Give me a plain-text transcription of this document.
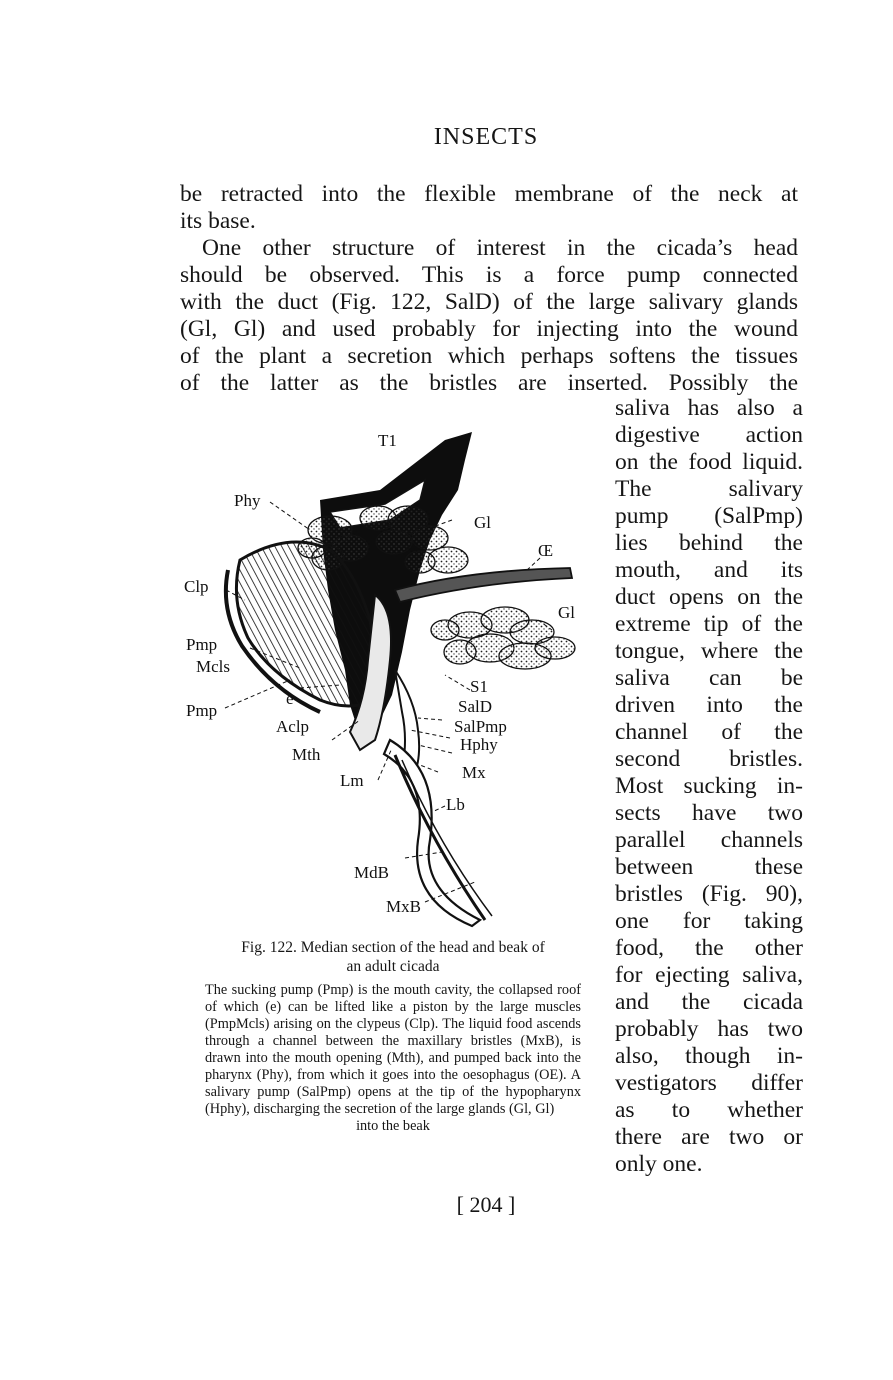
INSECTS
be retracted into the flexible membrane of the neck at
its base.
One other structure of interest in the cicada’s head
should be observed. This is a force pump connected
with the duct (Fig. 122, SalD) of the large salivary glands
(Gl, Gl) and used probably for injecting into the wound
of the plant a secretion which perhaps softens the tissues
of the latter as the bristles are inserted. Possibly the
saliva has also a
digestive action
on the food liquid.
The salivary
pump (SalPmp)
lies behind the
mouth, and its
duct opens on the
extreme tip of the
tongue, where the
saliva can be
driven into the
channel of the
second bristles.
Most sucking in-
sects have two
parallel channels
between these
bristles (Fig. 90),
one for taking
food, the other
for ejecting saliva,
and the cicada
probably has two
also, though in-
vestigators differ
as to whether
there are two or
only one.
T1
Phy
Gl
Œ
Clp
Gl
Pmp
Mcls
e
Pmp
S1
SalD
Aclp	SalPmp
Hphy
Mth
Mx
Lm
Lb
MdB
MxB
Fig. 122. Median section of the head and beak of
an adult cicada
The sucking pump (Pmp) is the mouth cavity, the collapsed roof of which (e) can be lifted like a piston by the large muscles (PmpMcls) arising on the clypeus (Clp). The liquid food ascends through a channel between the maxillary bristles (MxB), is drawn into the mouth opening (Mth), and pumped back into the pharynx (Phy), from which it goes into the oesophagus (OE). A salivary pump (SalPmp) opens at the tip of the hypopharynx (Hphy), discharging the secretion of the large glands (Gl, Gl)
into the beak
[ 204 ]
